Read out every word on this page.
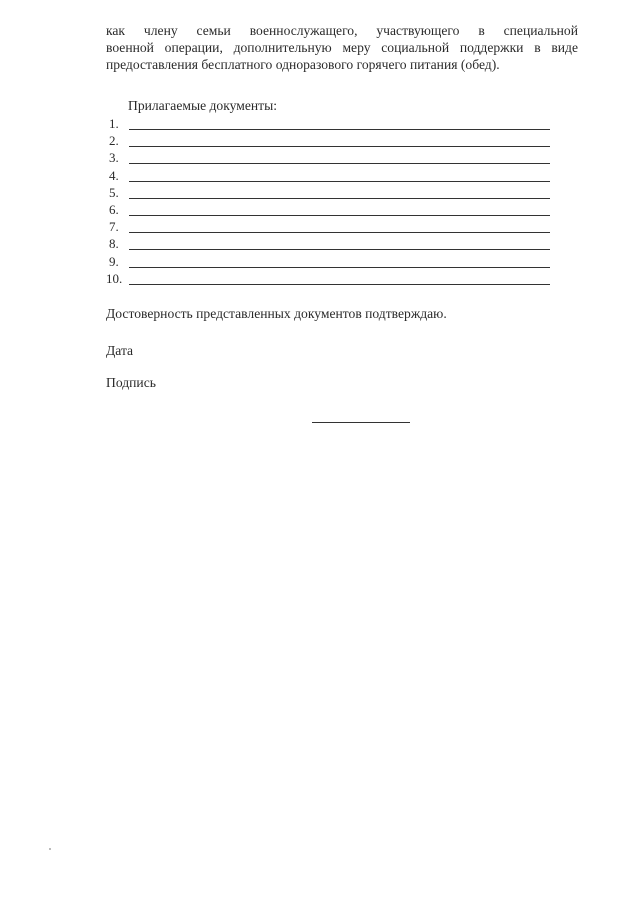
как члену семьи военнослужащего, участвующего в специальной
военной операции, дополнительную меру социальной поддержки в виде
предоставления бесплатного одноразового горячего питания (обед).
Прилагаемые документы:
1.
2.
3.
4.
5.
6.
7.
8.
9.
10.
Достоверность представленных документов подтверждаю.
Дата
Подпись
